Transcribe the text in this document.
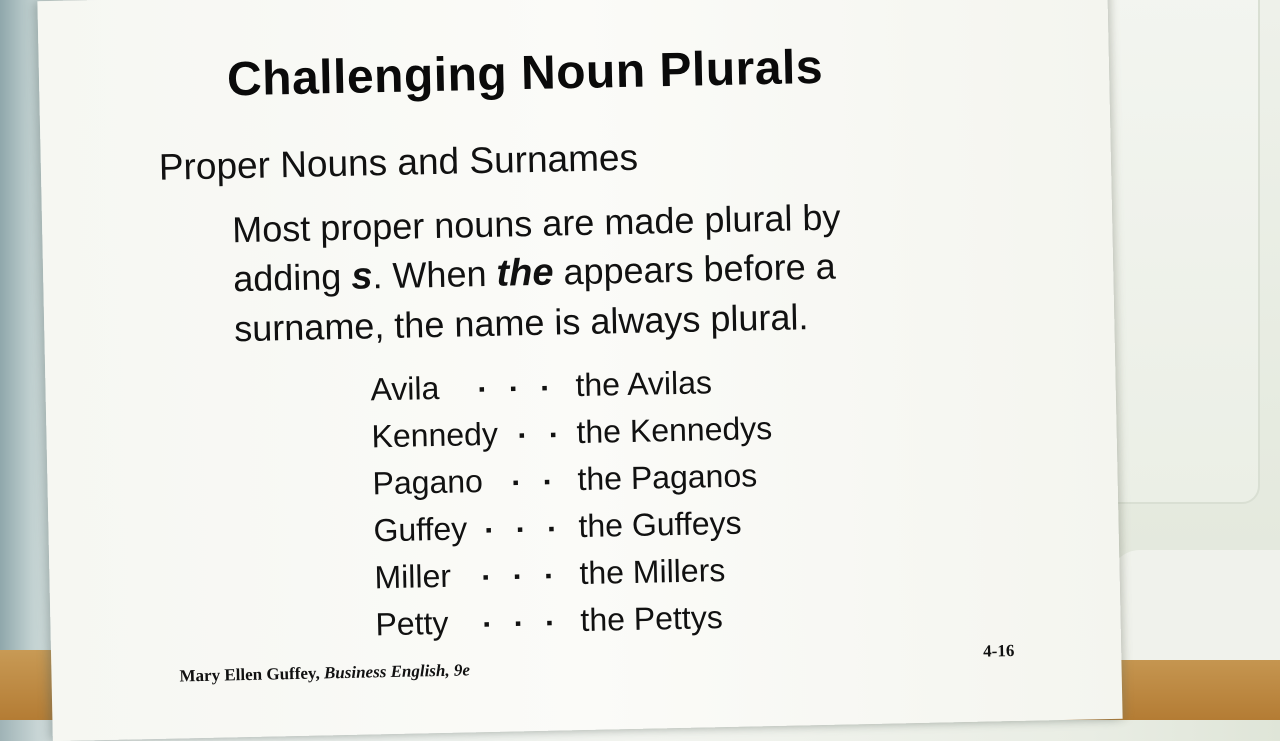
Challenging Noun Plurals
Proper Nouns and Surnames
Most proper nouns are made plural by adding s. When the appears before a surname, the name is always plural.
Avila ▪ ▪ ▪ the Avilas
Kennedy ▪ ▪ the Kennedys
Pagano ▪ ▪ the Paganos
Guffey ▪ ▪ ▪ the Guffeys
Miller ▪ ▪ ▪ the Millers
Petty ▪ ▪ ▪ the Pettys
Mary Ellen Guffey, Business English, 9e
4-16
